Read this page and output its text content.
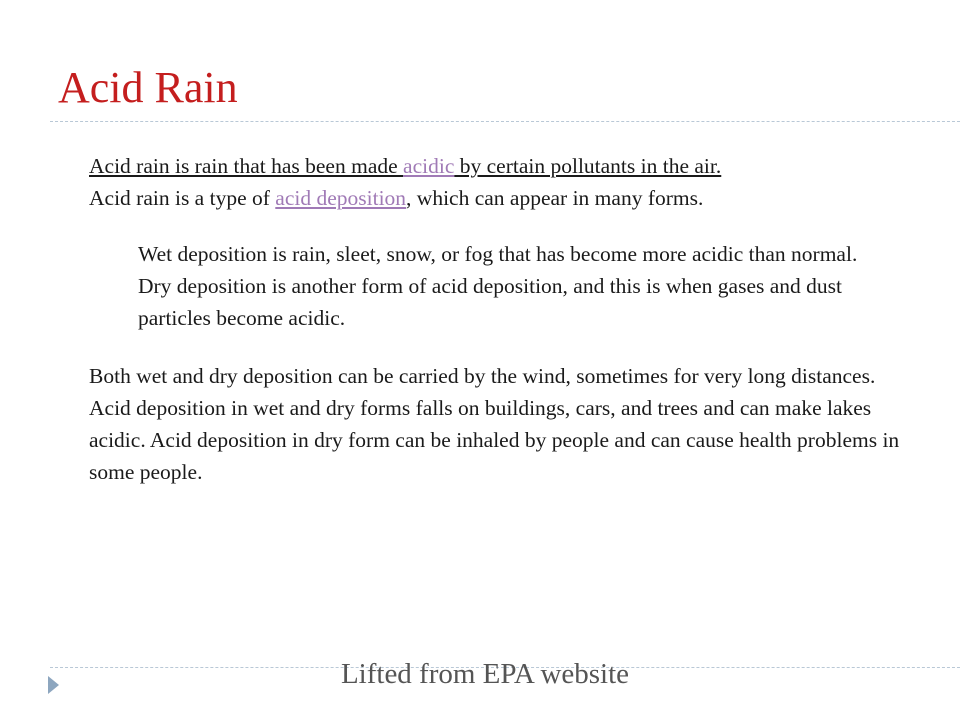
Acid Rain

Acid rain is rain that has been made acidic by certain pollutants in the air.

Acid rain is a type of acid deposition, which can appear in many forms.

Wet deposition is rain, sleet, snow, or fog that has become more acidic than normal.

Dry deposition is another form of acid deposition, and this is when gases and dust particles become acidic.

Both wet and dry deposition can be carried by the wind, sometimes for very long distances. Acid deposition in wet and dry forms falls on buildings, cars, and trees and can make lakes acidic. Acid deposition in dry form can be inhaled by people and can cause health problems in some people.

Lifted from EPA website
